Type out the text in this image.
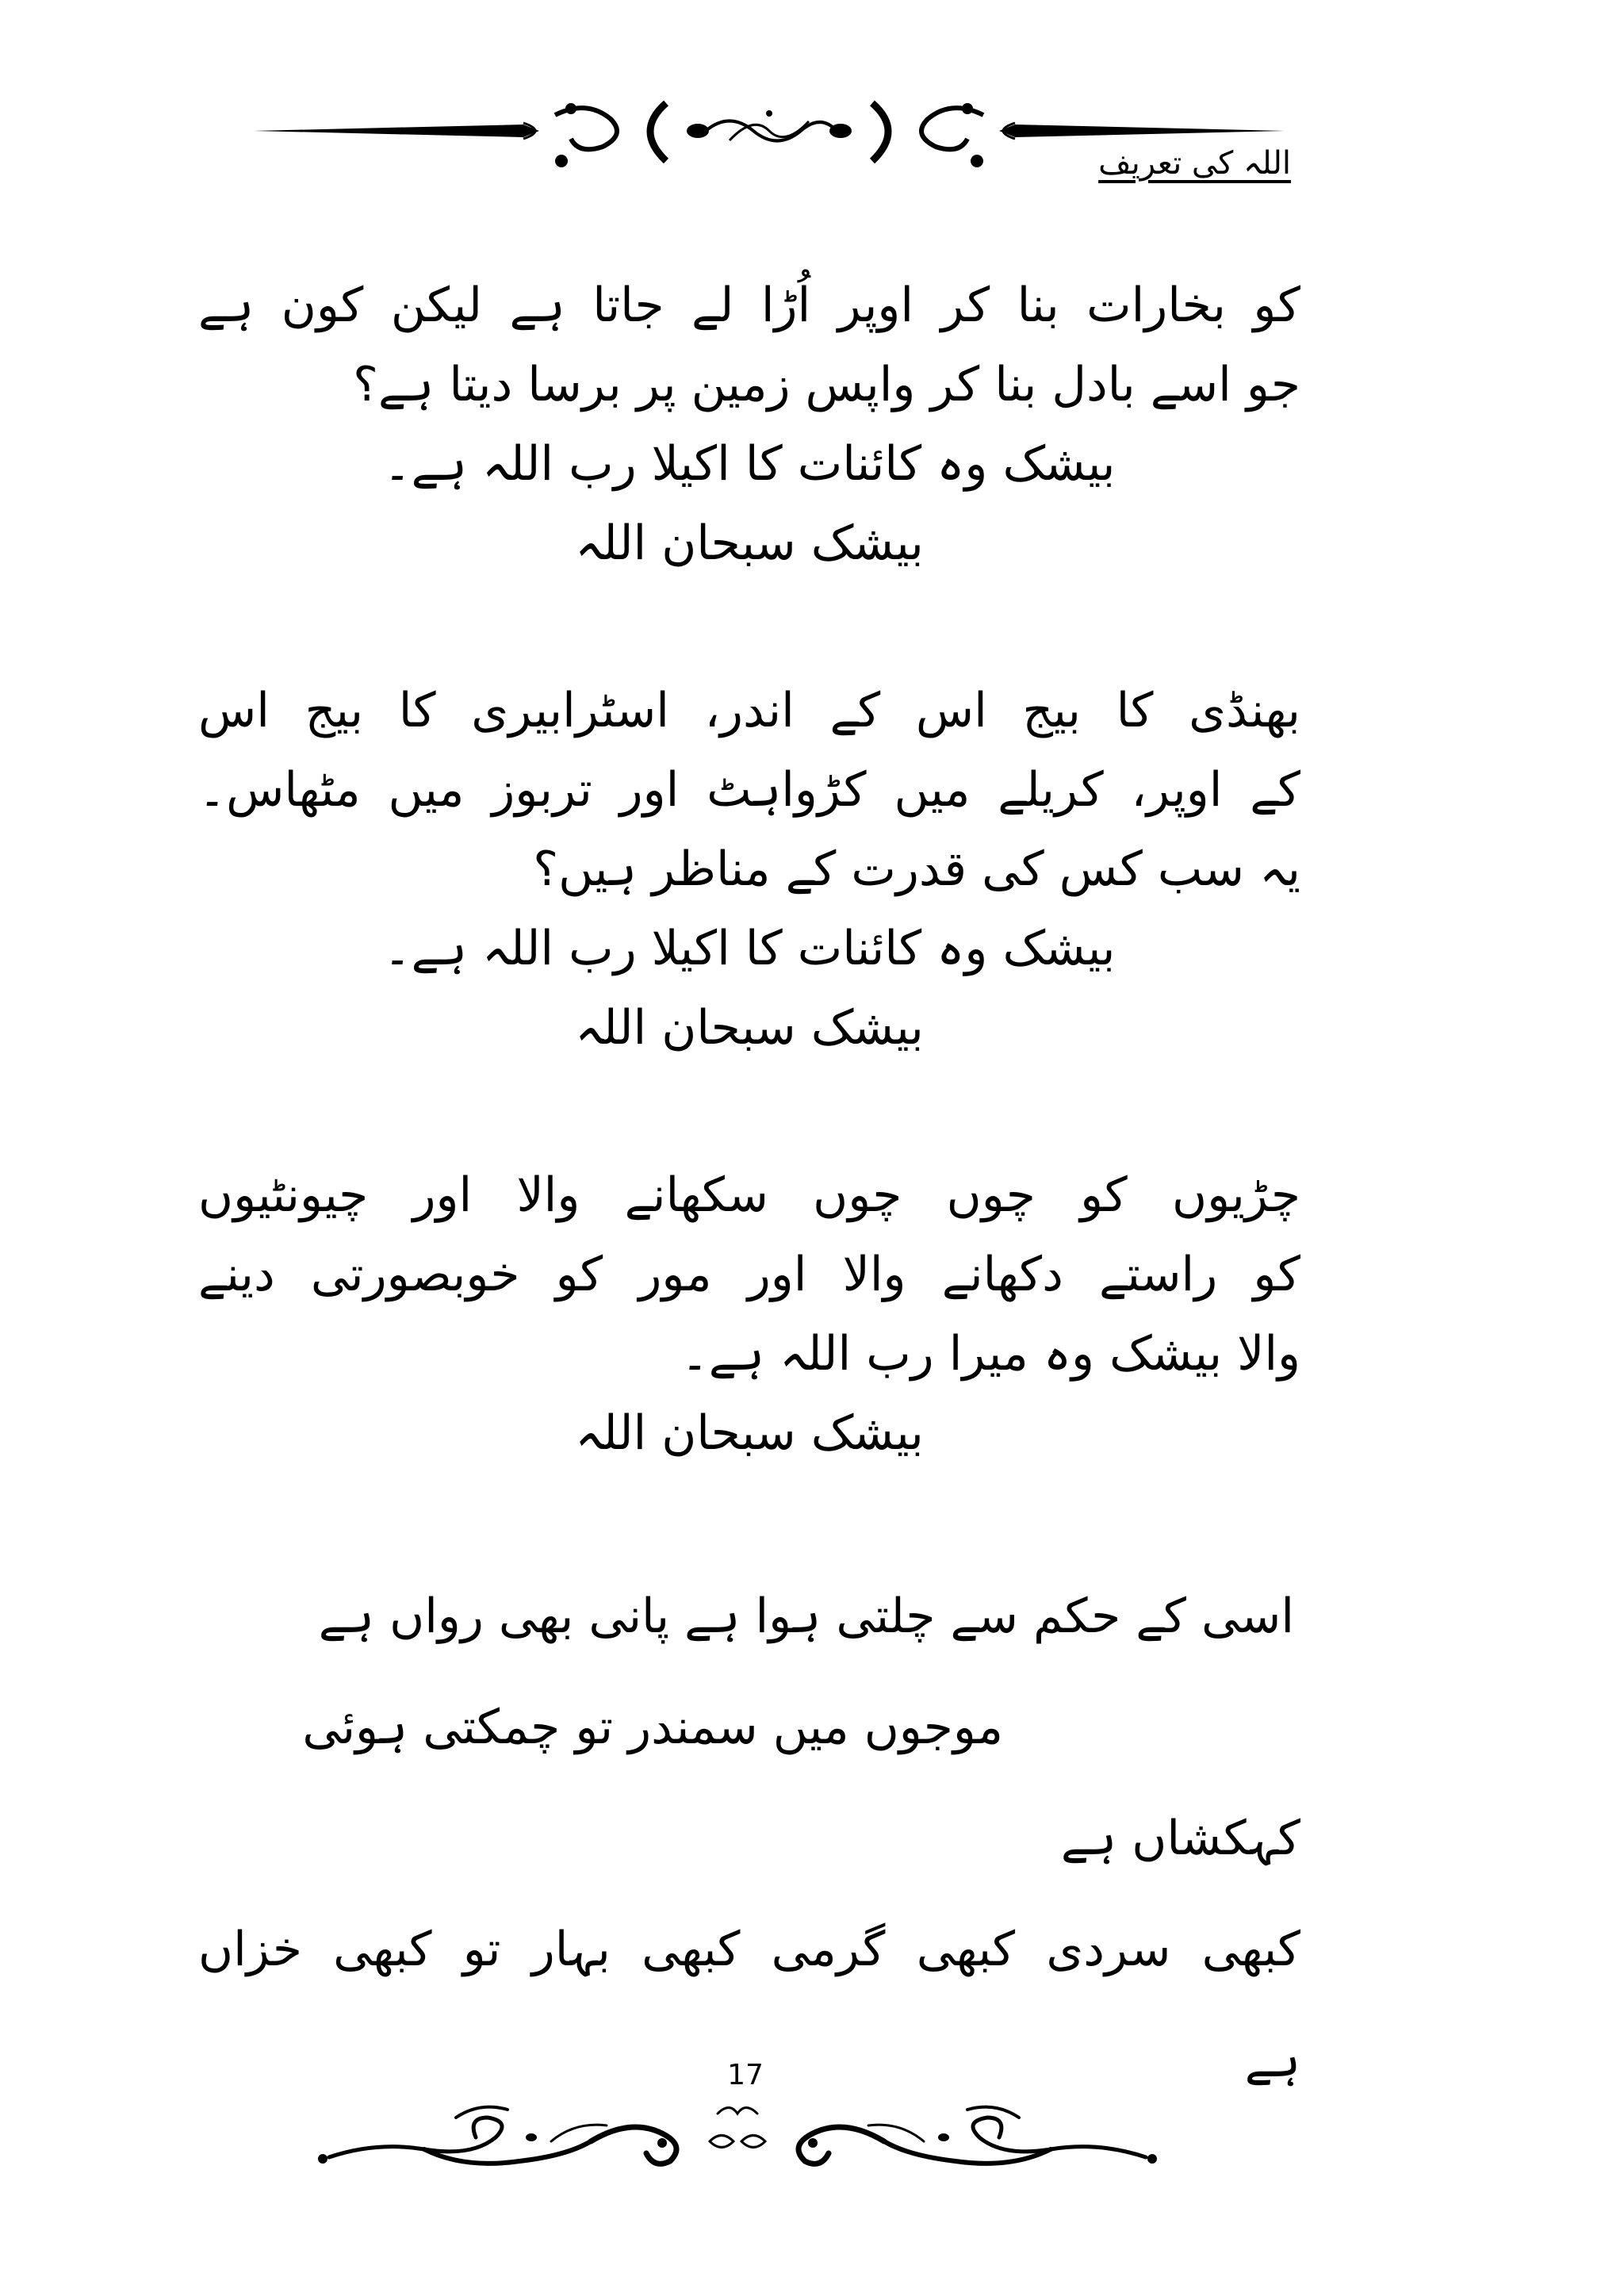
اللہ کی تعریف
کو بخارات بنا کر اوپر اُڑا لے جاتا ہے لیکن کون ہے
جو اسے بادل بنا کر واپس زمین پر برسا دیتا ہے؟
بیشک وہ کائنات کا اکیلا رب اللہ ہے۔
بیشک سبحان اللہ
بھنڈی کا بیج اس کے اندر، اسٹرابیری کا بیج اس
کے اوپر، کریلے میں کڑواہٹ اور تربوز میں مٹھاس۔
یہ سب کس کی قدرت کے مناظر ہیں؟
بیشک وہ کائنات کا اکیلا رب اللہ ہے۔
بیشک سبحان اللہ
چڑیوں کو چوں چوں سکھانے والا اور چیونٹیوں
کو راستے دکھانے والا اور مور کو خوبصورتی دینے
والا بیشک وہ میرا رب اللہ ہے۔
بیشک سبحان اللہ
اسی کے حکم سے چلتی ہوا ہے پانی بھی رواں ہے
موجوں میں سمندر تو چمکتی ہوئی
کہکشاں ہے
کبھی سردی کبھی گرمی کبھی بہار تو کبھی خزاں
ہے
17
